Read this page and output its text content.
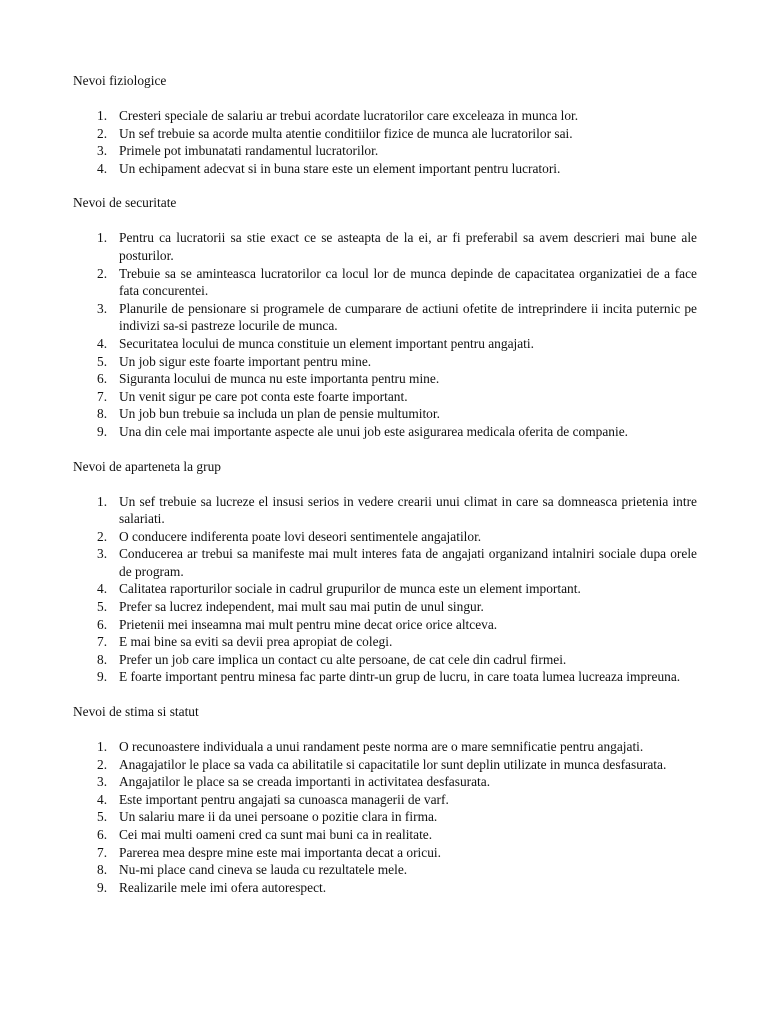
Nevoi fiziologice
1. Cresteri speciale de salariu ar trebui acordate lucratorilor care exceleaza in munca lor.
2. Un sef trebuie sa acorde multa atentie conditiilor fizice de munca ale lucratorilor sai.
3. Primele pot imbunatati randamentul lucratorilor.
4. Un echipament adecvat si in buna stare este un element important pentru lucratori.
Nevoi de securitate
1. Pentru ca lucratorii sa stie exact ce se asteapta de la ei, ar fi preferabil sa avem descrieri mai bune ale posturilor.
2. Trebuie sa se aminteasca lucratorilor ca locul lor de munca depinde de capacitatea organizatiei de a face fata concurentei.
3. Planurile de pensionare si programele de cumparare de actiuni ofetite de intreprindere ii incita puternic pe indivizi sa-si pastreze locurile de munca.
4. Securitatea locului de munca constituie un element important pentru angajati.
5. Un job sigur este foarte important pentru mine.
6. Siguranta locului de munca nu este importanta pentru mine.
7. Un venit sigur pe care pot conta este foarte important.
8. Un job bun trebuie sa includa un plan de pensie multumitor.
9. Una din cele mai importante aspecte ale unui job este asigurarea medicala oferita de companie.
Nevoi de aparteneta la grup
1. Un sef trebuie sa lucreze el insusi serios in vedere crearii unui climat in care sa domneasca prietenia intre salariati.
2. O conducere indiferenta poate lovi deseori sentimentele angajatilor.
3. Conducerea ar trebui sa manifeste mai mult interes fata de angajati organizand intalniri sociale dupa orele de program.
4. Calitatea raporturilor sociale in cadrul grupurilor de munca este un element important.
5. Prefer sa lucrez independent, mai mult sau mai putin de unul singur.
6. Prietenii mei inseamna mai mult pentru mine decat orice orice altceva.
7. E mai bine sa eviti sa devii prea apropiat de colegi.
8. Prefer un job care implica un contact cu alte persoane, de cat cele din cadrul firmei.
9. E foarte important pentru minesa fac parte dintr-un grup de lucru, in care toata lumea lucreaza impreuna.
Nevoi de stima si statut
1. O recunoastere individuala a unui randament peste norma are o mare semnificatie pentru angajati.
2. Anagajatilor le place sa vada ca abilitatile si capacitatile lor sunt deplin utilizate in munca desfasurata.
3. Angajatilor le place sa se creada importanti in activitatea desfasurata.
4. Este important pentru angajati sa cunoasca managerii de varf.
5. Un salariu mare ii da unei persoane o pozitie clara in firma.
6. Cei mai multi oameni cred ca sunt mai buni ca in realitate.
7. Parerea mea despre mine este mai importanta decat a oricui.
8. Nu-mi place cand cineva se lauda cu rezultatele mele.
9. Realizarile mele imi ofera autorespect.
